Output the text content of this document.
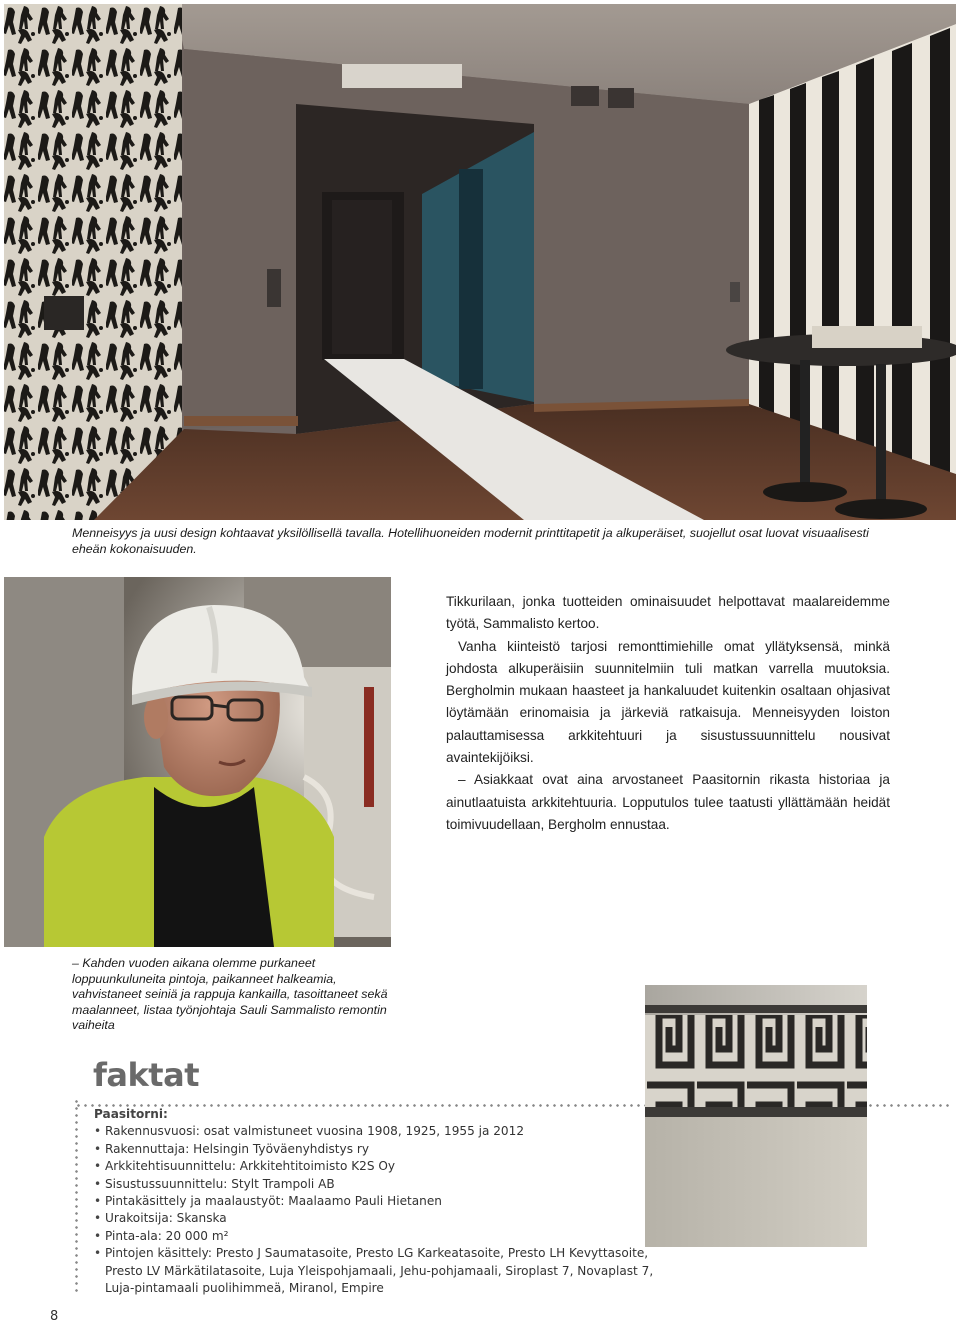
Menneisyys ja uusi design kohtaavat yksilöllisellä tavalla. Hotellihuoneiden modernit printtitapetit ja alkuperäiset, suojellut osat luovat visuaalisesti eheän kokonaisuuden.

Tikkurilaan, jonka tuotteiden ominaisuudet helpottavat maalareidemme työtä, Sammalisto kertoo.

Vanha kiinteistö tarjosi remonttimiehille omat yllätyksensä, minkä johdosta alkuperäisiin suunnitelmiin tuli matkan varrella muutoksia. Bergholmin mukaan haasteet ja hankaluudet kuitenkin osaltaan ohjasivat löytämään erinomaisia ja järkeviä ratkaisuja. Menneisyyden loiston palauttamisessa arkkitehtuuri ja sisustussuunnittelu nousivat avaintekijöiksi.

– Asiakkaat ovat aina arvostaneet Paasitornin rikasta historiaa ja ainutlaatuista arkkitehtuuria. Lopputulos tulee taatusti yllättämään heidät toimivuudellaan, Bergholm ennustaa.

– Kahden vuoden aikana olemme purkaneet loppuunkuluneita pintoja, paikanneet halkeamia, vahvistaneet seiniä ja rappuja kankailla, tasoittaneet sekä maalanneet, listaa työnjohtaja Sauli Sammalisto remontin vaiheita
faktat
Paasitorni:
• Rakennusvuosi: osat valmistuneet vuosina 1908, 1925, 1955 ja 2012
• Rakennuttaja: Helsingin Työväenyhdistys ry
• Arkkitehtisuunnittelu: Arkkitehtitoimisto K2S Oy
• Sisustussuunnittelu: Stylt Trampoli AB
• Pintakäsittely ja maalaustyöt: Maalaamo Pauli Hietanen
• Urakoitsija: Skanska
• Pinta-ala: 20 000 m²
• Pintojen käsittely: Presto J Saumatasoite, Presto LG Karkeatasoite, Presto LH Kevyttasoite, Presto LV Märkätilatasoite, Luja Yleispohjamaali, Jehu-pohjamaali, Siroplast 7, Novaplast 7, Luja-pintamaali puolihimmeä, Miranol, Empire
8
